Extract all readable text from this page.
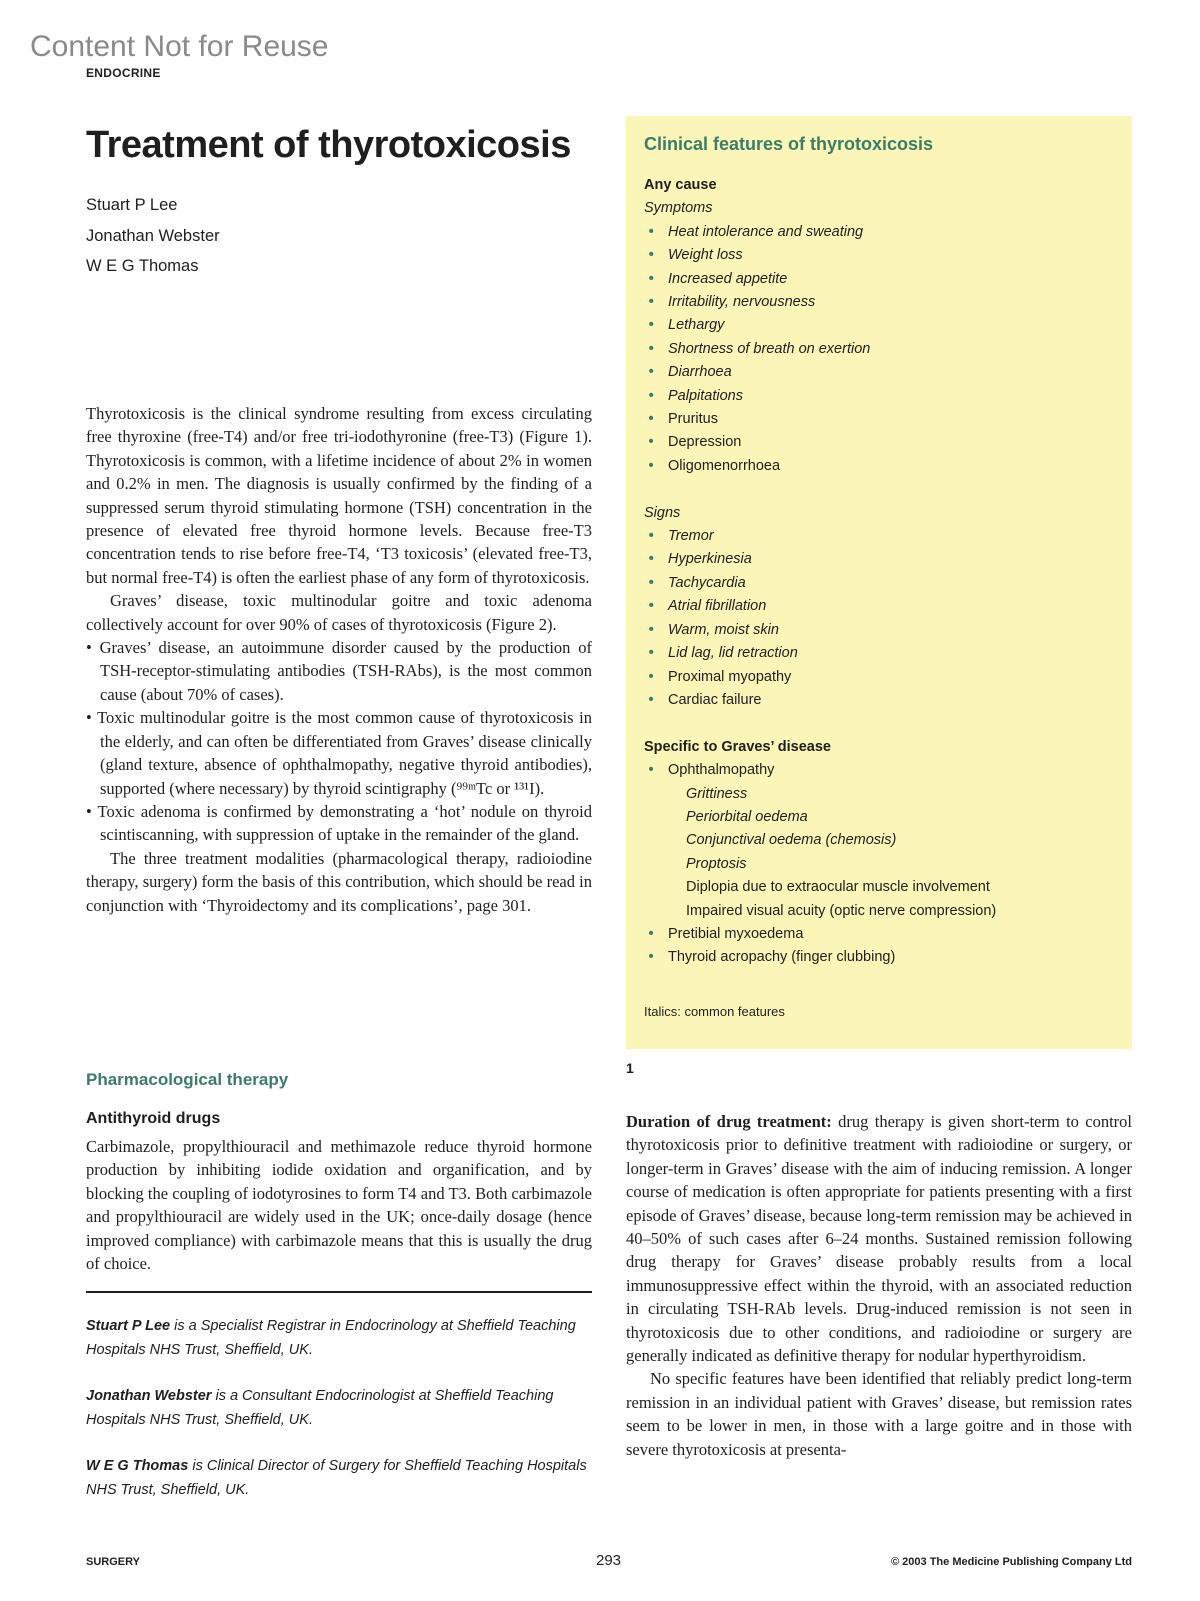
Content Not for Reuse
ENDOCRINE
Treatment of thyrotoxicosis
Stuart P Lee
Jonathan Webster
W E G Thomas

Thyrotoxicosis is the clinical syndrome resulting from excess circulating free thyroxine (free-T4) and/or free tri-iodothyronine (free-T3) (Figure 1). Thyrotoxicosis is common, with a lifetime incidence of about 2% in women and 0.2% in men. The diagnosis is usually confirmed by the finding of a suppressed serum thyroid stimulating hormone (TSH) concentration in the presence of elevated free thyroid hormone levels. Because free-T3 concentration tends to rise before free-T4, ‘T3 toxicosis’ (elevated free-T3, but normal free-T4) is often the earliest phase of any form of thyrotoxicosis.

Graves’ disease, toxic multinodular goitre and toxic adenoma collectively account for over 90% of cases of thyrotoxicosis (Figure 2).

• Graves’ disease, an autoimmune disorder caused by the production of TSH-receptor-stimulating antibodies (TSH-RAbs), is the most common cause (about 70% of cases).

• Toxic multinodular goitre is the most common cause of thyrotoxicosis in the elderly, and can often be differentiated from Graves’ disease clinically (gland texture, absence of ophthalmopathy, negative thyroid antibodies), supported (where necessary) by thyroid scintigraphy (⁹⁹ᵐTc or ¹³¹I).

• Toxic adenoma is confirmed by demonstrating a ‘hot’ nodule on thyroid scintiscanning, with suppression of uptake in the remainder of the gland.

The three treatment modalities (pharmacological therapy, radioiodine therapy, surgery) form the basis of this contribution, which should be read in conjunction with ‘Thyroidectomy and its complications’, page 301.

Pharmacological therapy
Antithyroid drugs

Carbimazole, propylthiouracil and methimazole reduce thyroid hormone production by inhibiting iodide oxidation and organification, and by blocking the coupling of iodotyrosines to form T4 and T3. Both carbimazole and propylthiouracil are widely used in the UK; once-daily dosage (hence improved compliance) with carbimazole means that this is usually the drug of choice.

Stuart P Lee is a Specialist Registrar in Endocrinology at Sheffield Teaching Hospitals NHS Trust, Sheffield, UK.

Jonathan Webster is a Consultant Endocrinologist at Sheffield Teaching Hospitals NHS Trust, Sheffield, UK.

W E G Thomas is Clinical Director of Surgery for Sheffield Teaching Hospitals NHS Trust, Sheffield, UK.

Clinical features of thyrotoxicosis
Any cause
Symptoms
• Heat intolerance and sweating
• Weight loss
• Increased appetite
• Irritability, nervousness
• Lethargy
• Shortness of breath on exertion
• Diarrhoea
• Palpitations
• Pruritus
• Depression
• Oligomenorrhoea
Signs
• Tremor
• Hyperkinesia
• Tachycardia
• Atrial fibrillation
• Warm, moist skin
• Lid lag, lid retraction
• Proximal myopathy
• Cardiac failure
Specific to Graves’ disease
• Ophthalmopathy
Grittiness
Periorbital oedema
Conjunctival oedema (chemosis)
Proptosis
Diplopia due to extraocular muscle involvement
Impaired visual acuity (optic nerve compression)
• Pretibial myxoedema
• Thyroid acropachy (finger clubbing)
Italics: common features
1

Duration of drug treatment: drug therapy is given short-term to control thyrotoxicosis prior to definitive treatment with radioiodine or surgery, or longer-term in Graves’ disease with the aim of inducing remission. A longer course of medication is often appropriate for patients presenting with a first episode of Graves’ disease, because long-term remission may be achieved in 40–50% of such cases after 6–24 months. Sustained remission following drug therapy for Graves’ disease probably results from a local immunosuppressive effect within the thyroid, with an associated reduction in circulating TSH-RAb levels. Drug-induced remission is not seen in thyrotoxicosis due to other conditions, and radioiodine or surgery are generally indicated as definitive therapy for nodular hyperthyroidism.

No specific features have been identified that reliably predict long-term remission in an individual patient with Graves’ disease, but remission rates seem to be lower in men, in those with a large goitre and in those with severe thyrotoxicosis at presenta-

SURGERY	293	© 2003 The Medicine Publishing Company Ltd
